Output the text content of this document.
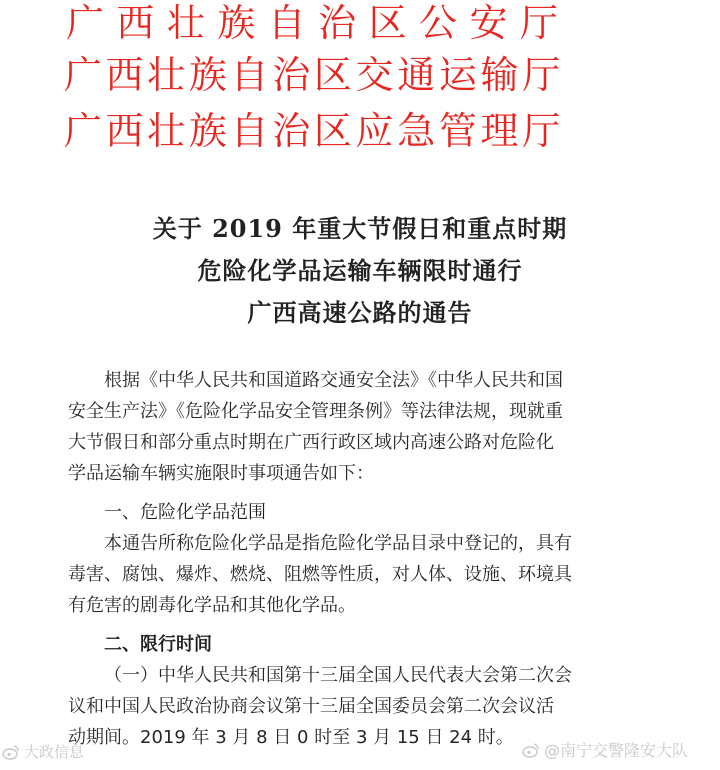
广 西 壮 族 自 治 区 公 安 厅
广 西 壮 族 自 治 区 交 通 运 输 厅
广 西 壮 族 自 治 区 应 急 管 理 厅
关于 2019 年重大节假日和重点时期
危险化学品运输车辆限时通行
广西高速公路的通告
根据《中华人民共和国道路交通安全法》《中华人民共和国
安全生产法》《危险化学品安全管理条例》等法律法规，现就重
大节假日和部分重点时期在广西行政区域内高速公路对危险化
学品运输车辆实施限时事项通告如下：
一、危险化学品范围
本通告所称危险化学品是指危险化学品目录中登记的，具有
毒害、腐蚀、爆炸、燃烧、阻燃等性质，对人体、设施、环境具
有危害的剧毒化学品和其他化学品。
二、限行时间
（一）中华人民共和国第十三届全国人民代表大会第二次会
议和中国人民政治协商会议第十三届全国委员会第二次会议活
动期间。2019 年 3 月 8 日 0 时至 3 月 15 日 24 时。
大政信息	@南宁交警隆安大队
